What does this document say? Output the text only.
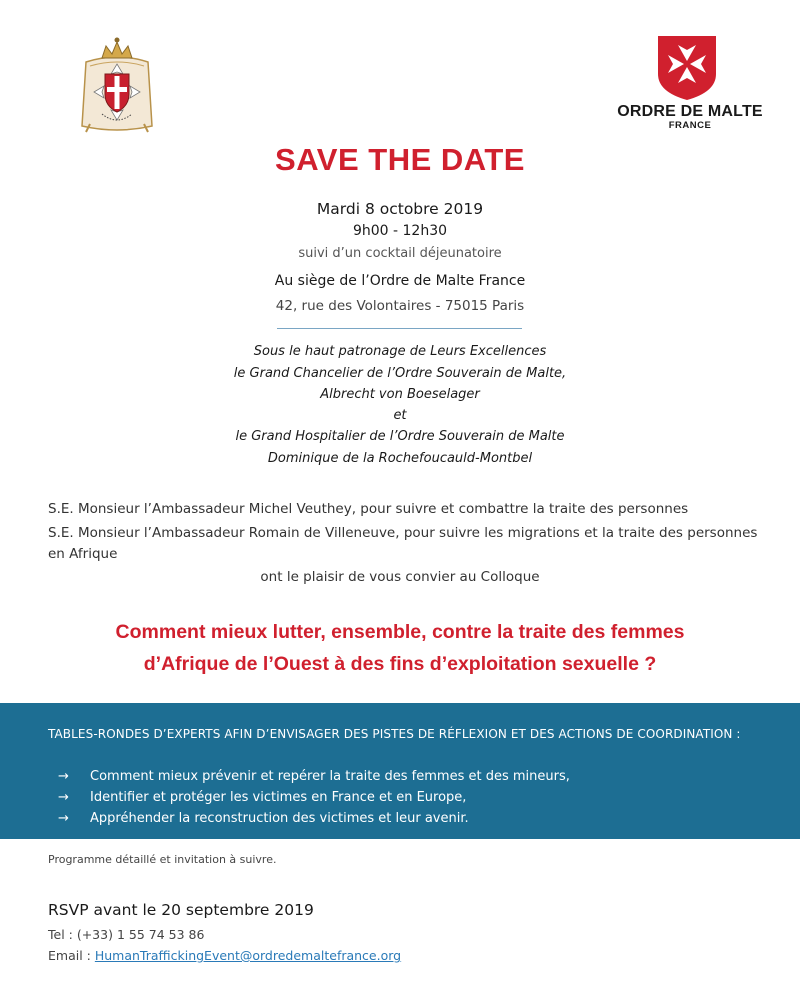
ORDRE DE MALTE
FRANCE
SAVE THE DATE
Mardi 8 octobre 2019
9h00 - 12h30
suivi d’un cocktail déjeunatoire
Au siège de l’Ordre de Malte France
42, rue des Volontaires - 75015 Paris
Sous le haut patronage de Leurs Excellences
le Grand Chancelier de l’Ordre Souverain de Malte,
Albrecht von Boeselager
et
le Grand Hospitalier de l’Ordre Souverain de Malte
Dominique de la Rochefoucauld-Montbel
S.E. Monsieur l’Ambassadeur Michel Veuthey, pour suivre et combattre la traite des personnes
S.E. Monsieur l’Ambassadeur Romain de Villeneuve, pour suivre les migrations et la traite des personnes
en Afrique
ont le plaisir de vous convier au Colloque
Comment mieux lutter, ensemble, contre la traite des femmes
d’Afrique de l’Ouest à des fins d’exploitation sexuelle ?
TABLES-RONDES D’EXPERTS AFIN D’ENVISAGER DES PISTES DE RÉFLEXION ET DES ACTIONS DE COORDINATION :
→ Comment mieux prévenir et repérer la traite des femmes et des mineurs,
→ Identifier et protéger les victimes en France et en Europe,
→ Appréhender la reconstruction des victimes et leur avenir.
Programme détaillé et invitation à suivre.
RSVP avant le 20 septembre 2019
Tel : (+33) 1 55 74 53 86
Email : HumanTraffickingEvent@ordredemaltefrance.org
